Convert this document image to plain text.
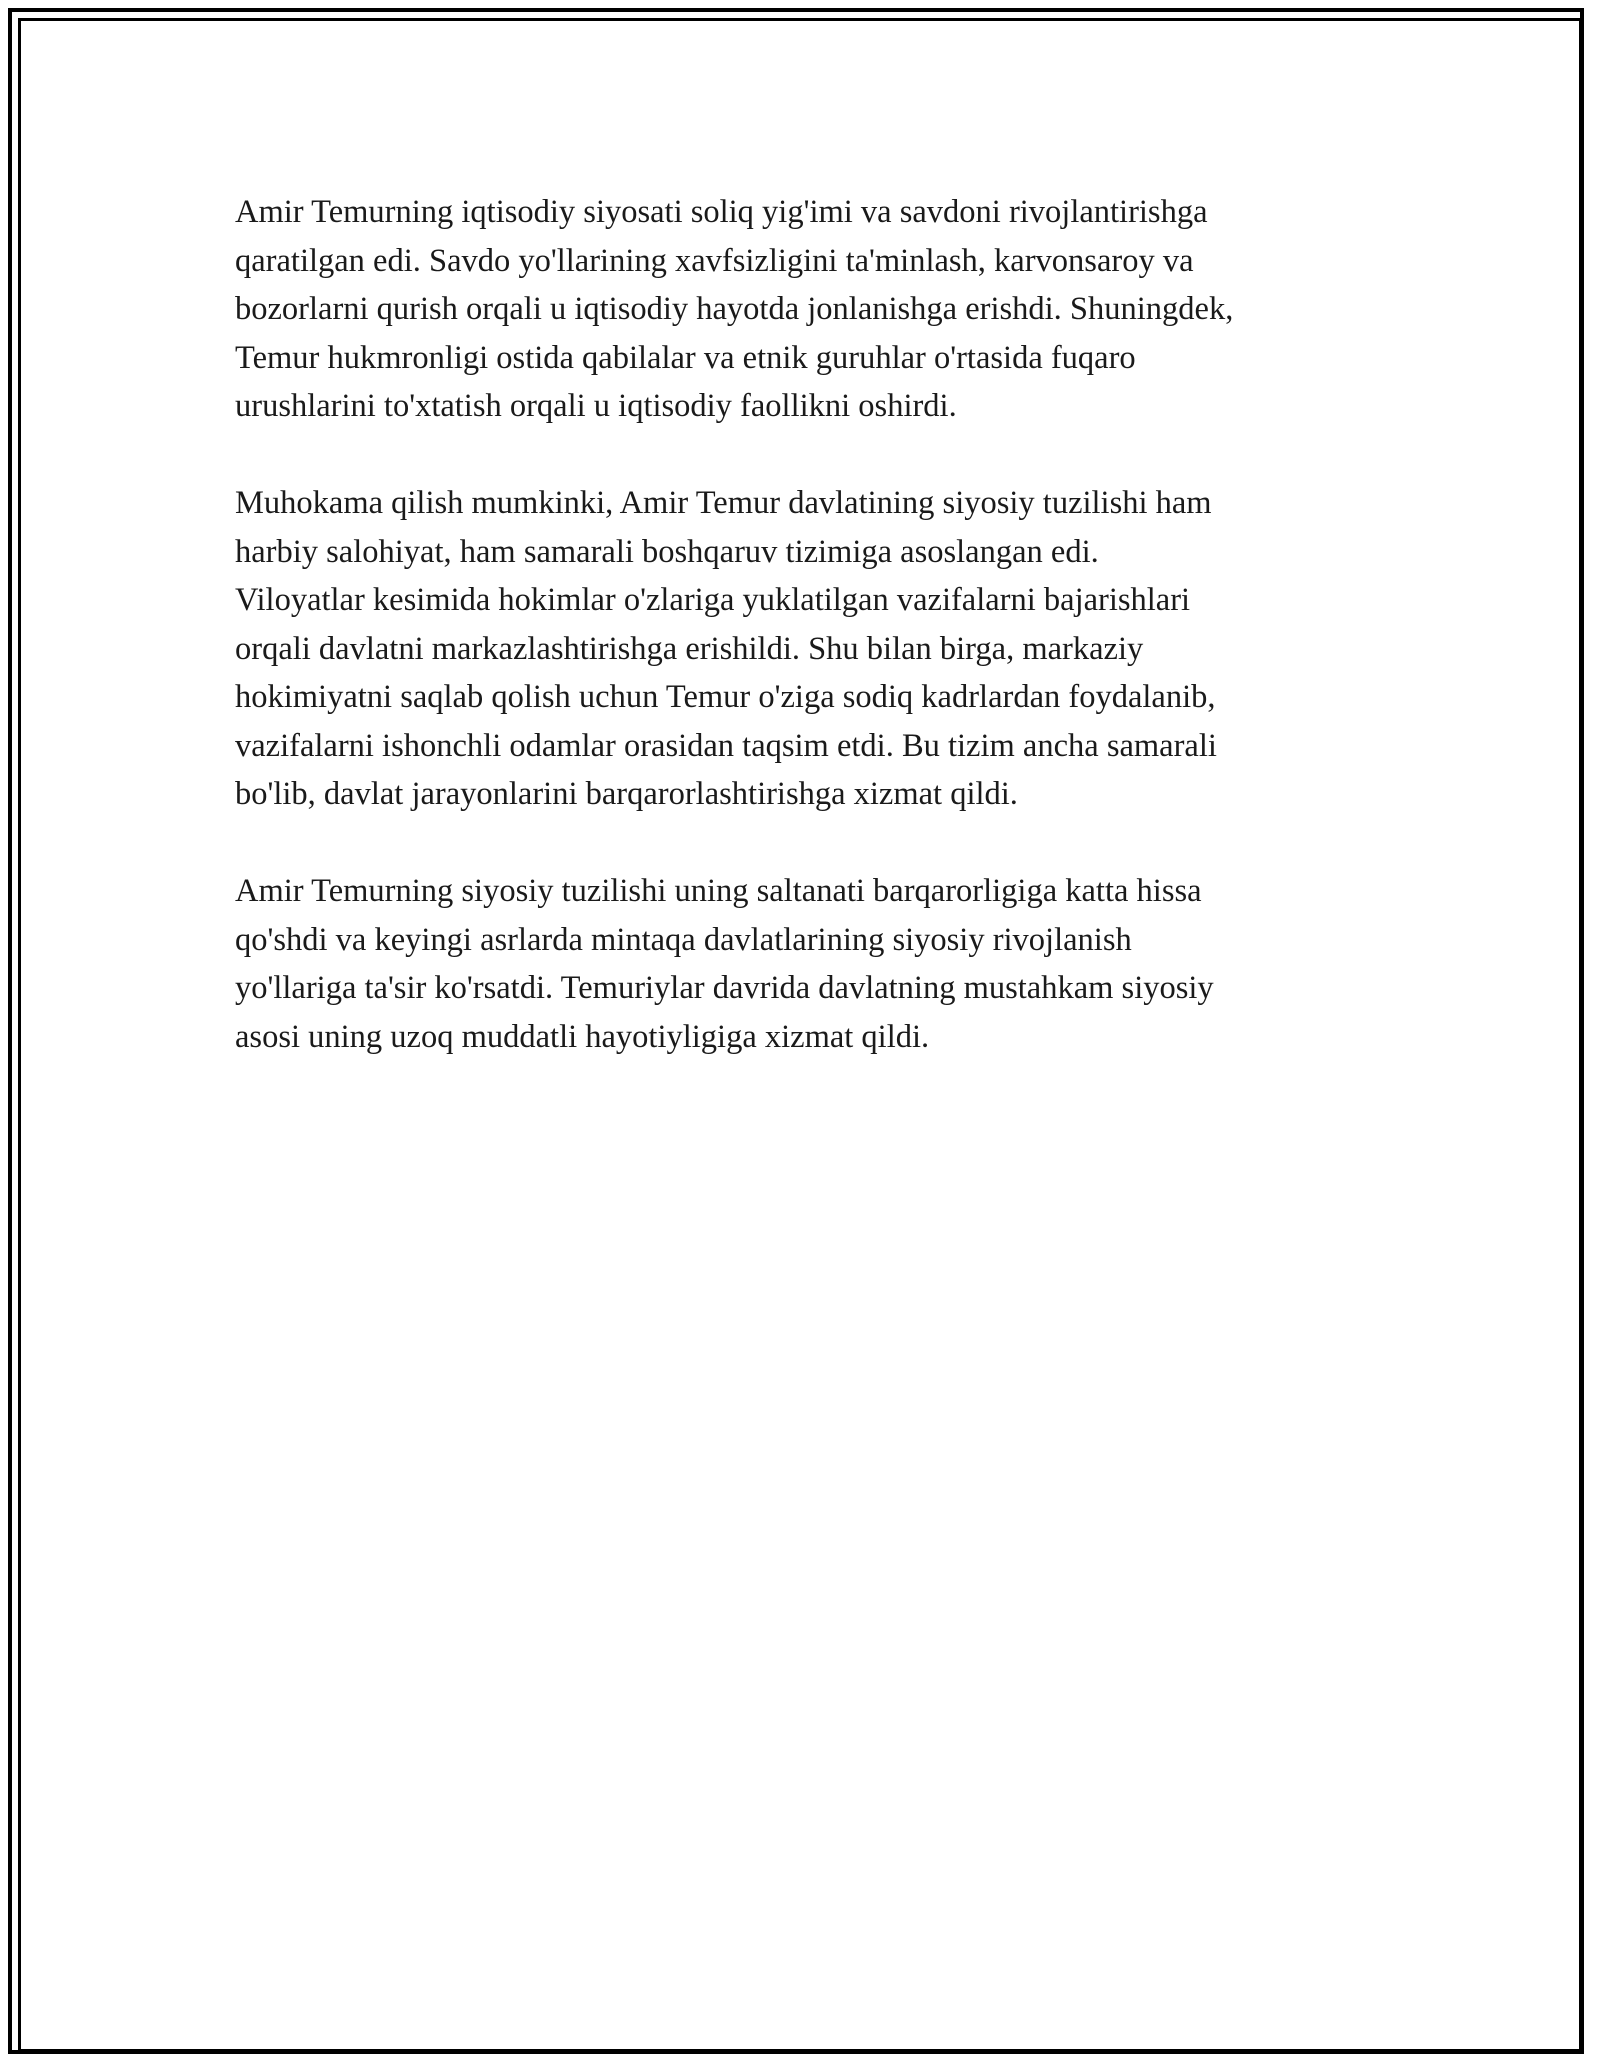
Amir Temurning iqtisodiy siyosati soliq yig'imi va savdoni rivojlantirishga
qaratilgan edi. Savdo yo'llarining xavfsizligini ta'minlash, karvonsaroy va
bozorlarni qurish orqali u iqtisodiy hayotda jonlanishga erishdi. Shuningdek,
Temur hukmronligi ostida qabilalar va etnik guruhlar o'rtasida fuqaro
urushlarini to'xtatish orqali u iqtisodiy faollikni oshirdi.

Muhokama qilish mumkinki, Amir Temur davlatining siyosiy tuzilishi ham
harbiy salohiyat, ham samarali boshqaruv tizimiga asoslangan edi.
Viloyatlar kesimida hokimlar o'zlariga yuklatilgan vazifalarni bajarishlari
orqali davlatni markazlashtirishga erishildi. Shu bilan birga, markaziy
hokimiyatni saqlab qolish uchun Temur o'ziga sodiq kadrlardan foydalanib,
vazifalarni ishonchli odamlar orasidan taqsim etdi. Bu tizim ancha samarali
bo'lib, davlat jarayonlarini barqarorlashtirishga xizmat qildi.

Amir Temurning siyosiy tuzilishi uning saltanati barqarorligiga katta hissa
qo'shdi va keyingi asrlarda mintaqa davlatlarining siyosiy rivojlanish
yo'llariga ta'sir ko'rsatdi. Temuriylar davrida davlatning mustahkam siyosiy
asosi uning uzoq muddatli hayotiyligiga xizmat qildi.
